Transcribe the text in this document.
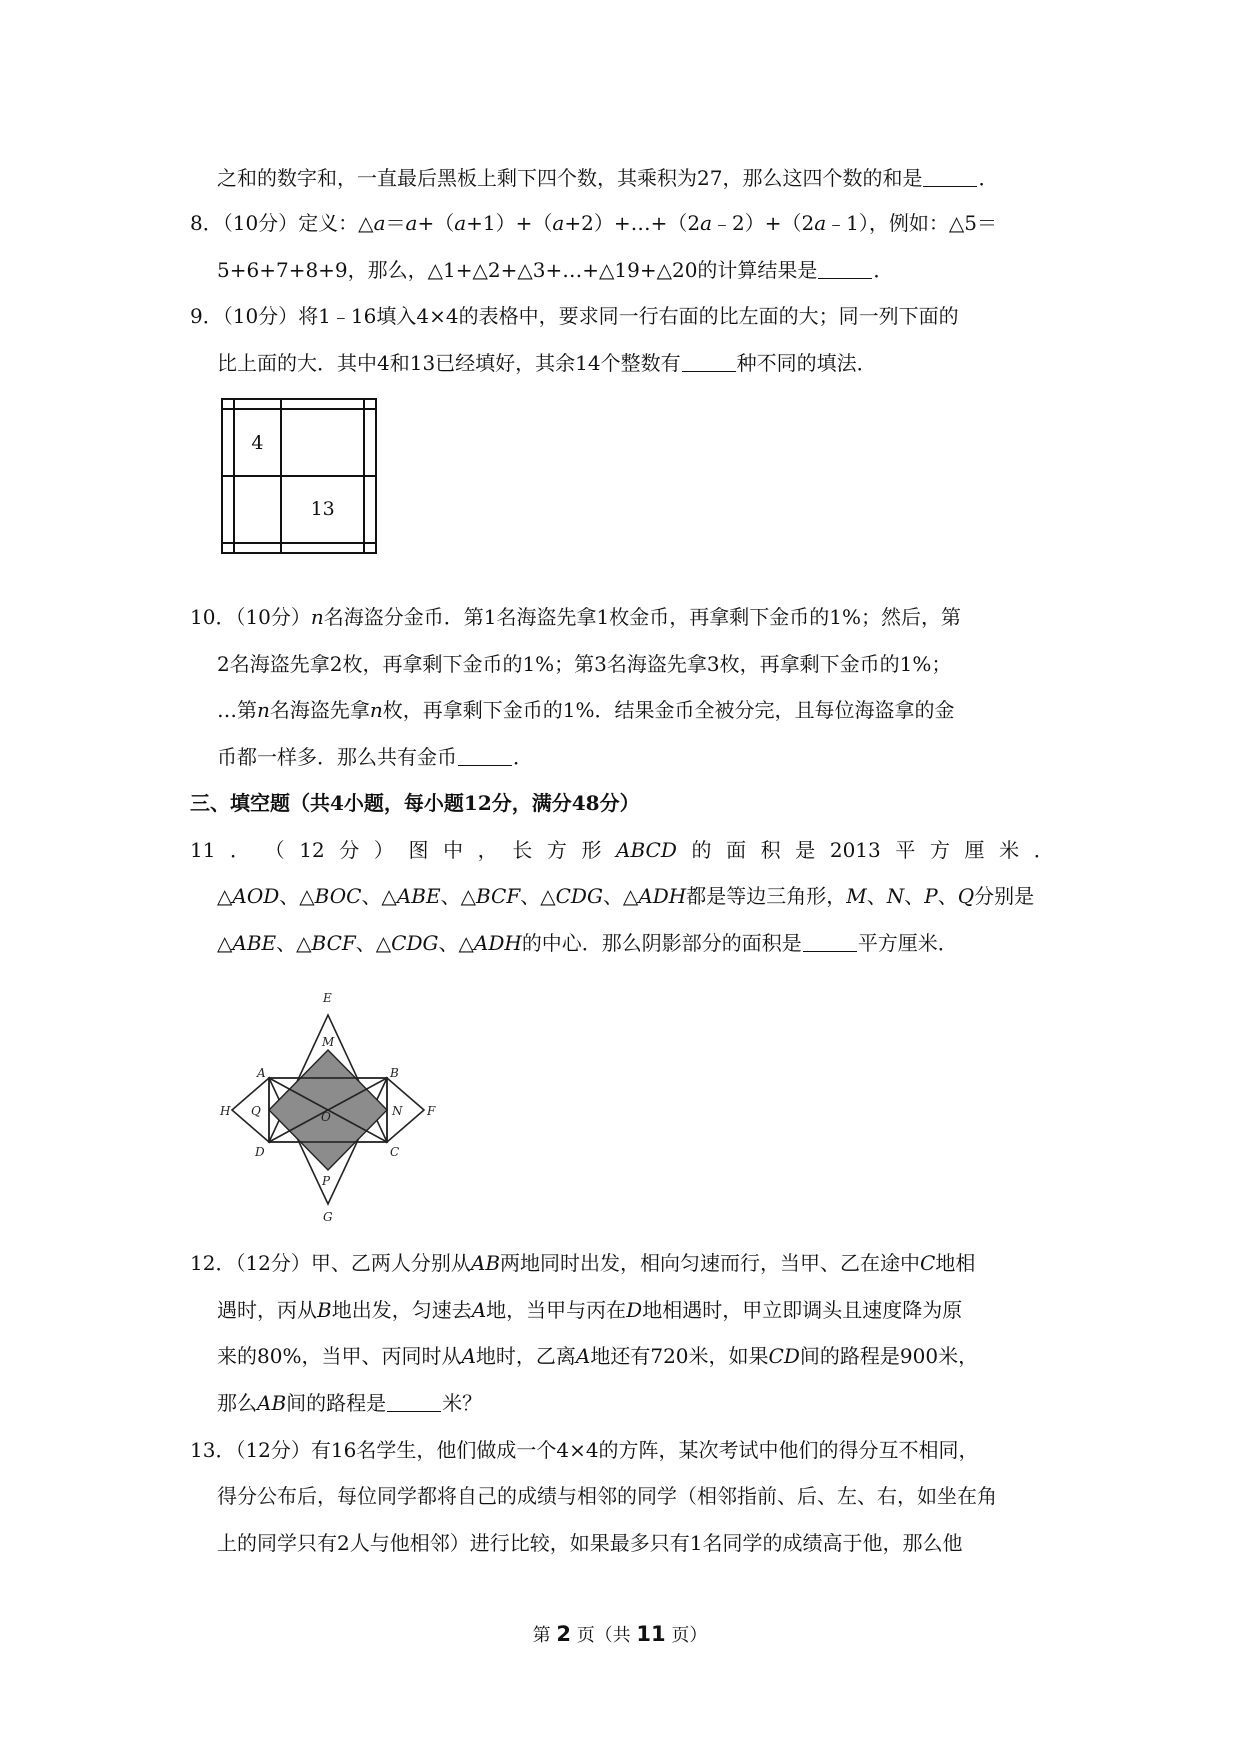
之和的数字和，一直最后黑板上剩下四个数，其乘积为27，那么这四个数的和是	．
8．（10分）定义：△a＝a+（a+1）+（a+2）+…+（2a﹣2）+（2a﹣1），例如：△5＝
5+6+7+8+9，那么，△1+△2+△3+…+△19+△20的计算结果是	．
9．（10分）将1﹣16填入4×4的表格中，要求同一行右面的比左面的大；同一列下面的
比上面的大．其中4和13已经填好，其余14个整数有	种不同的填法．

	4		
		13	

10．（10分）n名海盗分金币．第1名海盗先拿1枚金币，再拿剩下金币的1%；然后，第
2名海盗先拿2枚，再拿剩下金币的1%；第3名海盗先拿3枚，再拿剩下金币的1%；
…第n名海盗先拿n枚，再拿剩下金币的1%．结果金币全被分完，且每位海盗拿的金
币都一样多．那么共有金币	．
三、填空题（共4小题，每小题12分，满分48分）
11 ． （ 12 分 ） 图 中 ， 长 方 形 ABCD 的 面 积 是 2013 平 方 厘 米 ．
△AOD、△BOC、△ABE、△BCF、△CDG、△ADH都是等边三角形，M、N、P、Q分别是
△ABE、△BCF、△CDG、△ADH的中心．那么阴影部分的面积是	平方厘米．
E
M
A	B
H Q	O	N F
D	C
P
G
12．（12分）甲、乙两人分别从AB两地同时出发，相向匀速而行，当甲、乙在途中C地相
遇时，丙从B地出发，匀速去A地，当甲与丙在D地相遇时，甲立即调头且速度降为原
来的80%，当甲、丙同时从A地时，乙离A地还有720米，如果CD间的路程是900米，
那么AB间的路程是	米？
13．（12分）有16名学生，他们做成一个4×4的方阵，某次考试中他们的得分互不相同，
得分公布后，每位同学都将自己的成绩与相邻的同学（相邻指前、后、左、右，如坐在角
上的同学只有2人与他相邻）进行比较，如果最多只有1名同学的成绩高于他，那么他
第 2 页（共 11 页）
